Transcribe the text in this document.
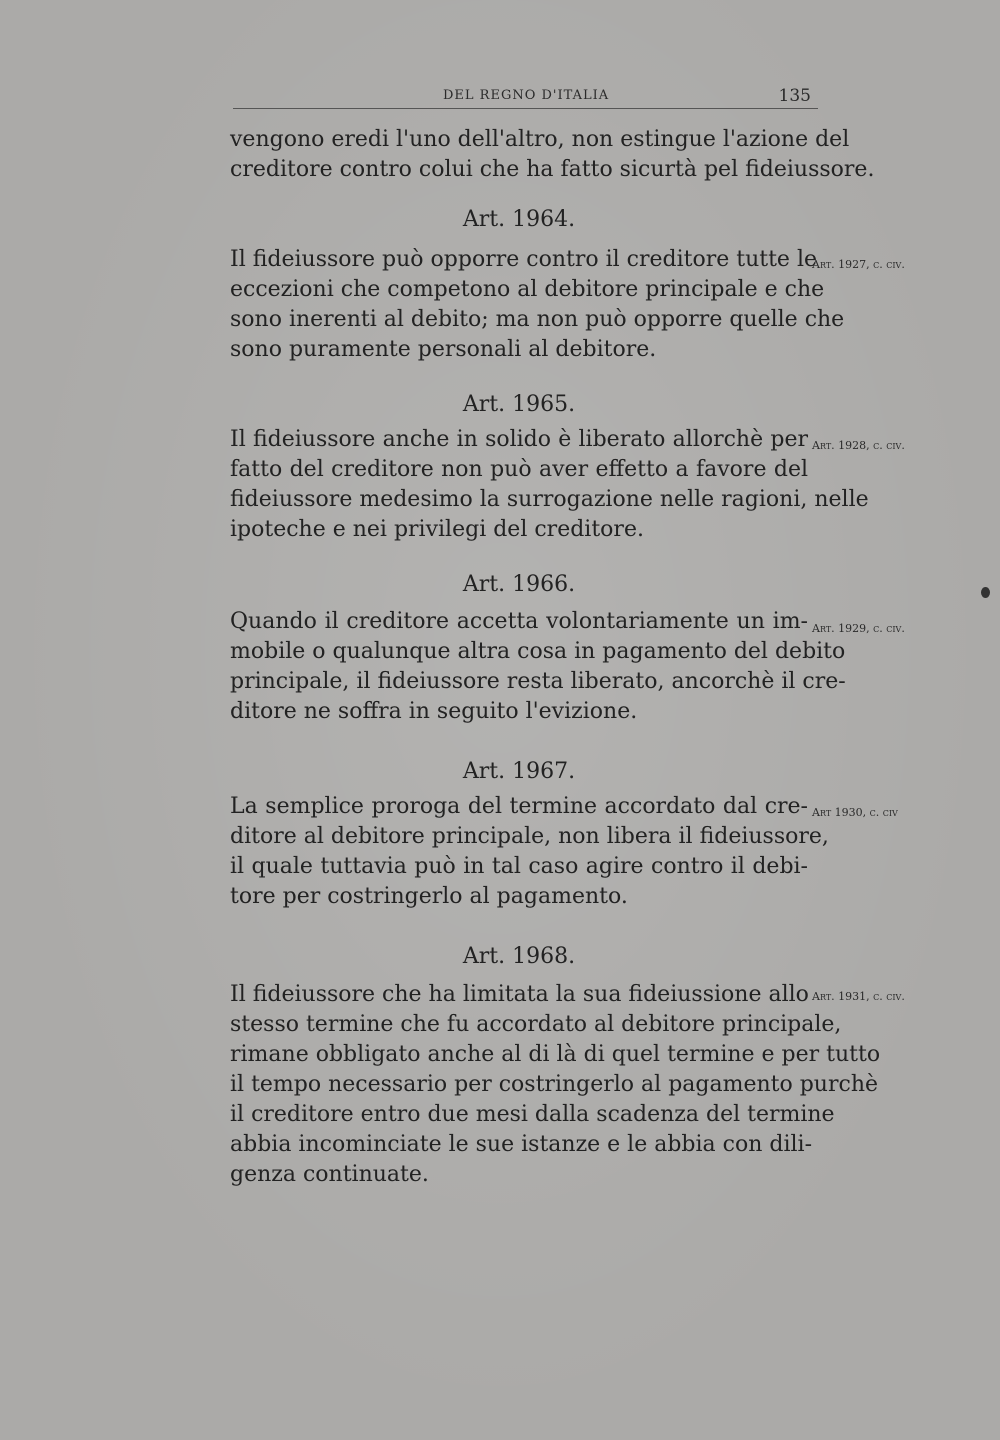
DEL REGNO D'ITALIA	135
vengono eredi l'uno dell'altro, non estingue l'azione del
creditore contro colui che ha fatto sicurtà pel fideiussore.
Art. 1964.
Art. 1927, c. civ.
Il fideiussore può opporre contro il creditore tutte le
eccezioni che competono al debitore principale e che
sono inerenti al debito; ma non può opporre quelle che
sono puramente personali al debitore.
Art. 1965.
Art. 1928, c. civ.
Il fideiussore anche in solido è liberato allorchè per
fatto del creditore non può aver effetto a favore del
fideiussore medesimo la surrogazione nelle ragioni, nelle
ipoteche e nei privilegi del creditore.
Art. 1966.
Art. 1929, c. civ.
Quando il creditore accetta volontariamente un im-
mobile o qualunque altra cosa in pagamento del debito
principale, il fideiussore resta liberato, ancorchè il cre-
ditore ne soffra in seguito l'evizione.
Art. 1967.
Art 1930, c. civ
La semplice proroga del termine accordato dal cre-
ditore al debitore principale, non libera il fideiussore,
il quale tuttavia può in tal caso agire contro il debi-
tore per costringerlo al pagamento.
Art. 1968.
Art. 1931, c. civ.
Il fideiussore che ha limitata la sua fideiussione allo
stesso termine che fu accordato al debitore principale,
rimane obbligato anche al di là di quel termine e per tutto
il tempo necessario per costringerlo al pagamento purchè
il creditore entro due mesi dalla scadenza del termine
abbia incominciate le sue istanze e le abbia con dili-
genza continuate.
